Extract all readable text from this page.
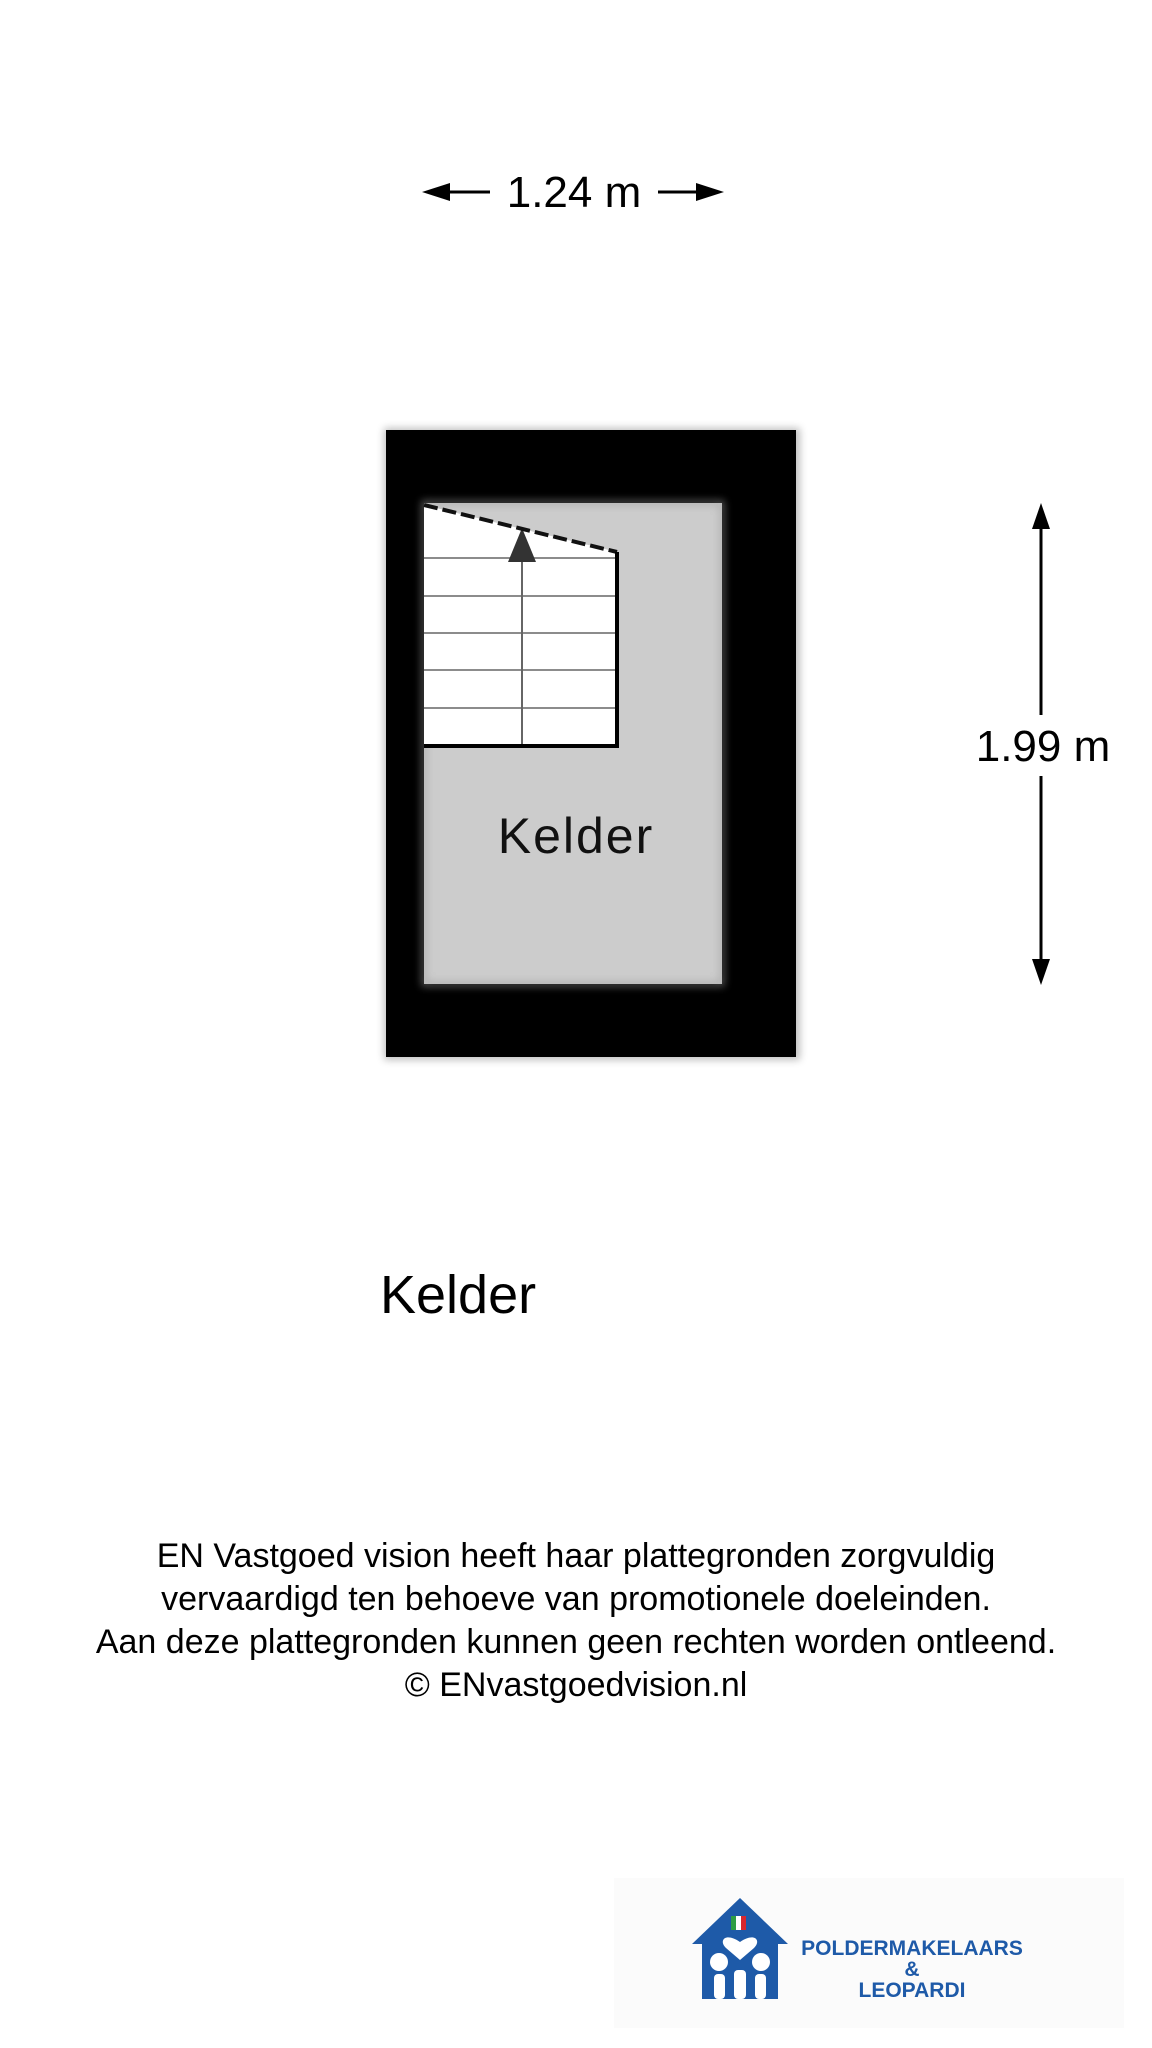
1.24 m
Kelder
1.99 m
Kelder

EN Vastgoed vision heeft haar plattegronden zorgvuldig
vervaardigd ten behoeve van promotionele doeleinden.
Aan deze plattegronden kunnen geen rechten worden ontleend.
© ENvastgoedvision.nl

POLDERMAKELAARS
&
LEOPARDI
